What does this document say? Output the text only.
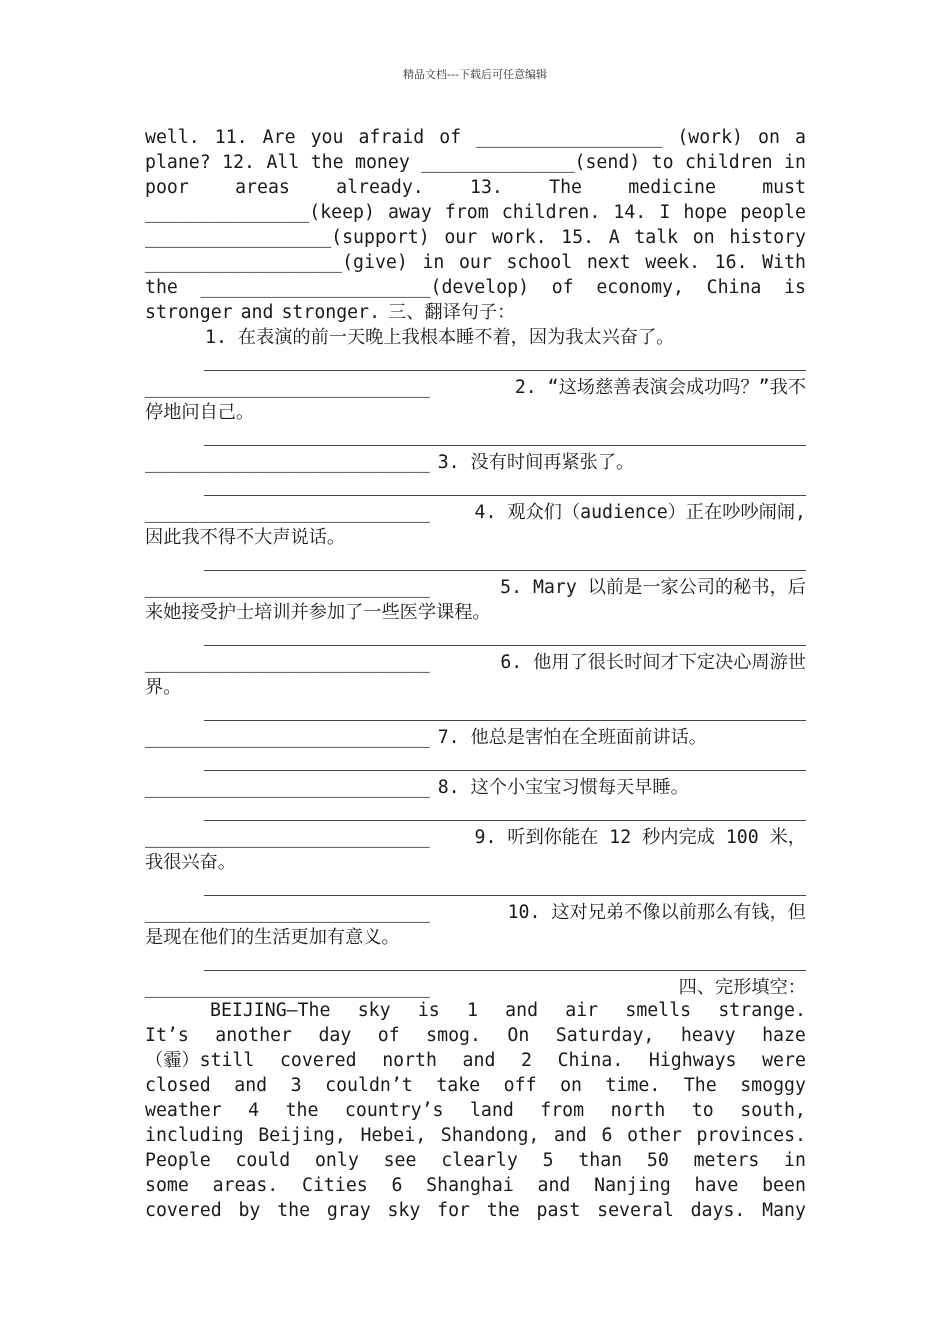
精品文档---下载后可任意编辑
well. 11. Are you afraid of _________________ (work) on a
plane? 12. All the money ______________(send) to children in
poor	areas	already.	13.	The	medicine	must
_______________(keep) away from children. 14. I hope people
_________________(support) our work. 15. A talk on history
__________________(give) in our school next week. 16. With
the _____________________(develop) of economy, China is
stronger and stronger. 三、翻译句子：
1. 在表演的前一天晚上我根本睡不着，因为我太兴奋了。
__________________________	2. “这场慈善表演会成功吗？”我不
停地问自己。
__________________________ 3. 没有时间再紧张了。
__________________________ 4. 观众们（audience）正在吵吵闹闹,
因此我不得不大声说话。
__________________________	5. Mary 以前是一家公司的秘书，后
来她接受护士培训并参加了一些医学课程。
__________________________	6. 他用了很长时间才下定决心周游世
界。
__________________________ 7. 他总是害怕在全班面前讲话。
__________________________ 8. 这个小宝宝习惯每天早睡。
__________________________ 9. 听到你能在 12 秒内完成 100 米，
我很兴奋。
__________________________	10. 这对兄弟不像以前那么有钱，但
是现在他们的生活更加有意义。
__________________________	四、完形填空：
BEIJING—The sky is 1 and air smells strange.
It’s another day of smog. On Saturday, heavy haze
（霾）still covered north and 2 China. Highways were
closed and 3 couldn’t take off on time. The smoggy
weather 4 the country’s land from north to south,
including Beijing, Hebei, Shandong, and 6 other provinces.
People could only see clearly 5 than 50 meters in
some areas. Cities 6 Shanghai and Nanjing have been
covered by the gray sky for the past several days. Many
